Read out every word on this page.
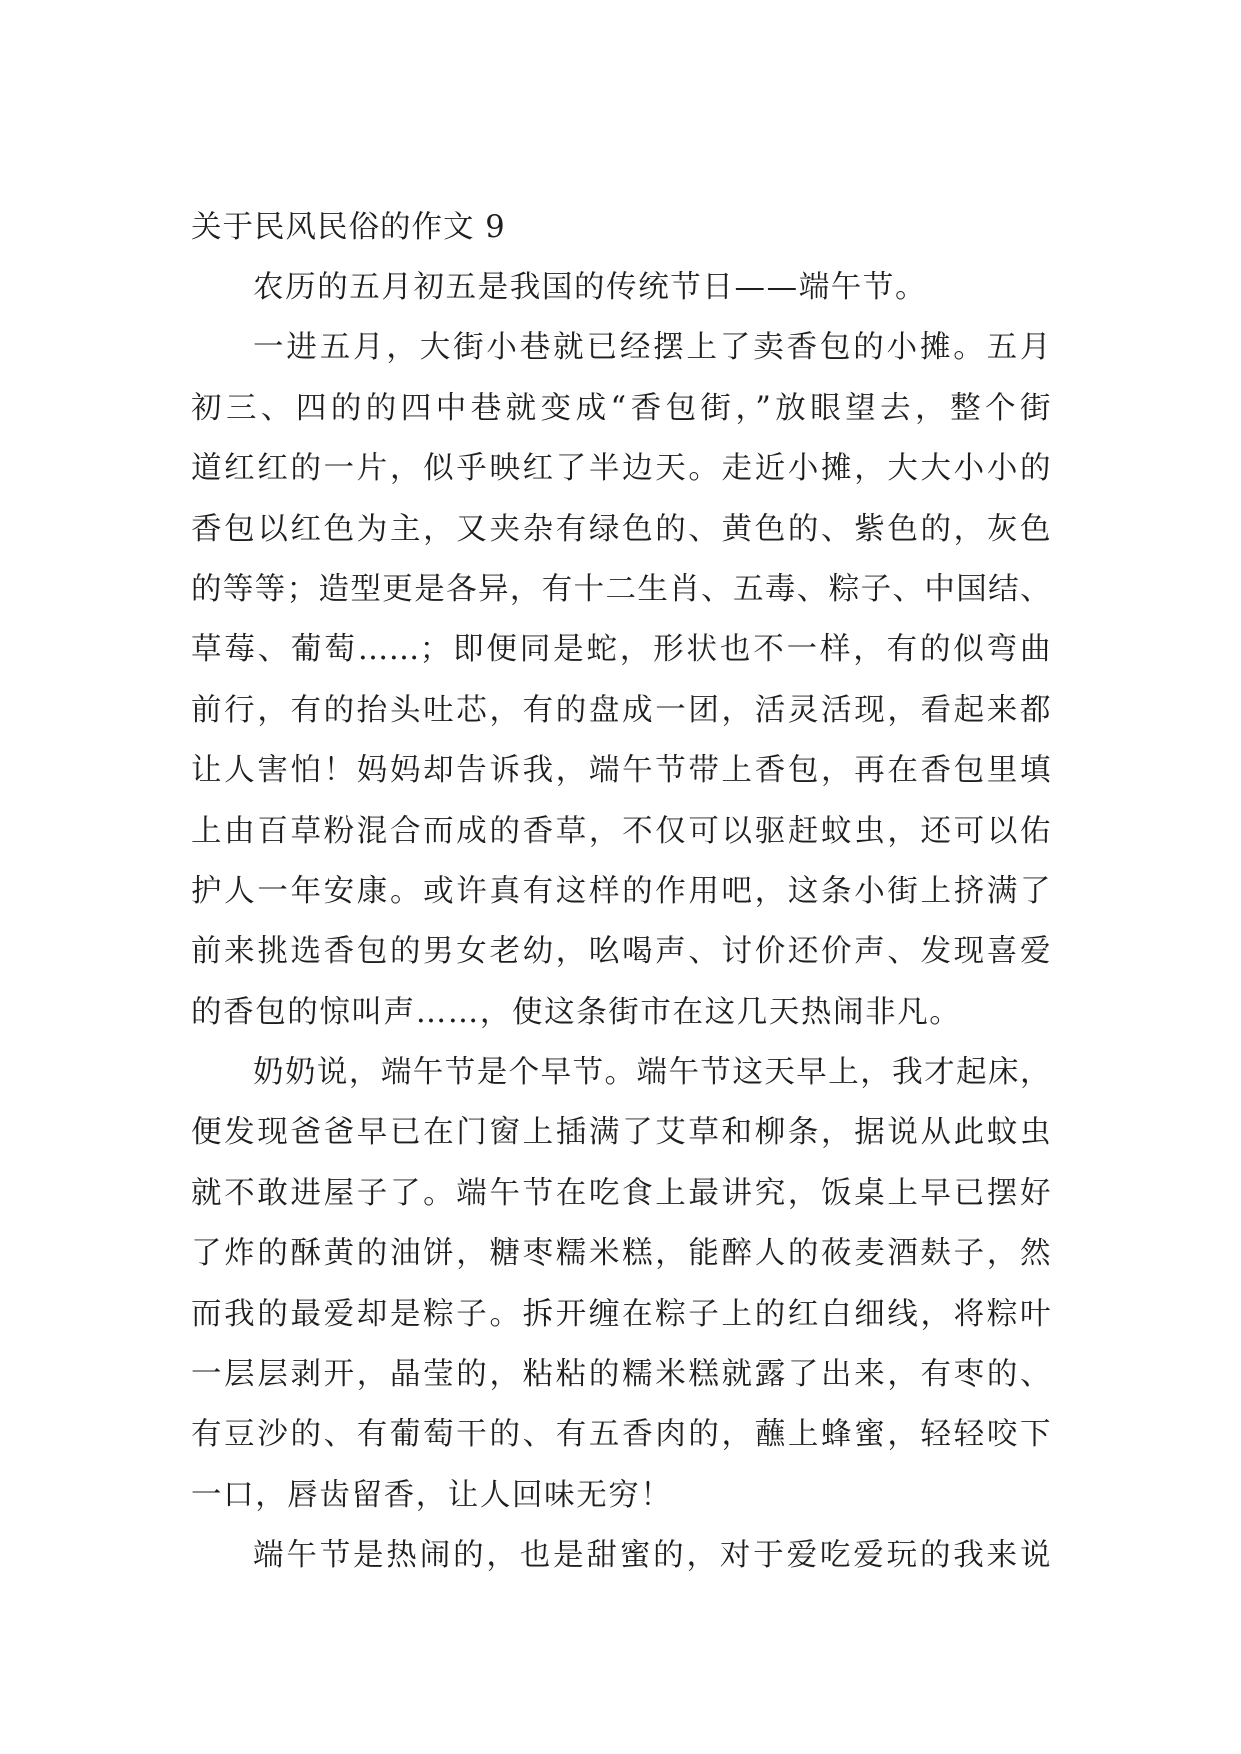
关于民风民俗的作文 9
农历的五月初五是我国的传统节日——端午节。
一进五月，大街小巷就已经摆上了卖香包的小摊。五月
初三、四的的四中巷就变成“香包街，”放眼望去，整个街
道红红的一片，似乎映红了半边天。走近小摊，大大小小的
香包以红色为主，又夹杂有绿色的、黄色的、紫色的，灰色
的等等；造型更是各异，有十二生肖、五毒、粽子、中国结、
草莓、葡萄……；即便同是蛇，形状也不一样，有的似弯曲
前行，有的抬头吐芯，有的盘成一团，活灵活现，看起来都
让人害怕！妈妈却告诉我，端午节带上香包，再在香包里填
上由百草粉混合而成的香草，不仅可以驱赶蚊虫，还可以佑
护人一年安康。或许真有这样的作用吧，这条小街上挤满了
前来挑选香包的男女老幼，吆喝声、讨价还价声、发现喜爱
的香包的惊叫声……，使这条街市在这几天热闹非凡。
奶奶说，端午节是个早节。端午节这天早上，我才起床，
便发现爸爸早已在门窗上插满了艾草和柳条，据说从此蚊虫
就不敢进屋子了。端午节在吃食上最讲究，饭桌上早已摆好
了炸的酥黄的油饼，糖枣糯米糕，能醉人的莜麦酒麸子，然
而我的最爱却是粽子。拆开缠在粽子上的红白细线，将粽叶
一层层剥开，晶莹的，粘粘的糯米糕就露了出来，有枣的、
有豆沙的、有葡萄干的、有五香肉的，蘸上蜂蜜，轻轻咬下
一口，唇齿留香，让人回味无穷！
端午节是热闹的，也是甜蜜的，对于爱吃爱玩的我来说
